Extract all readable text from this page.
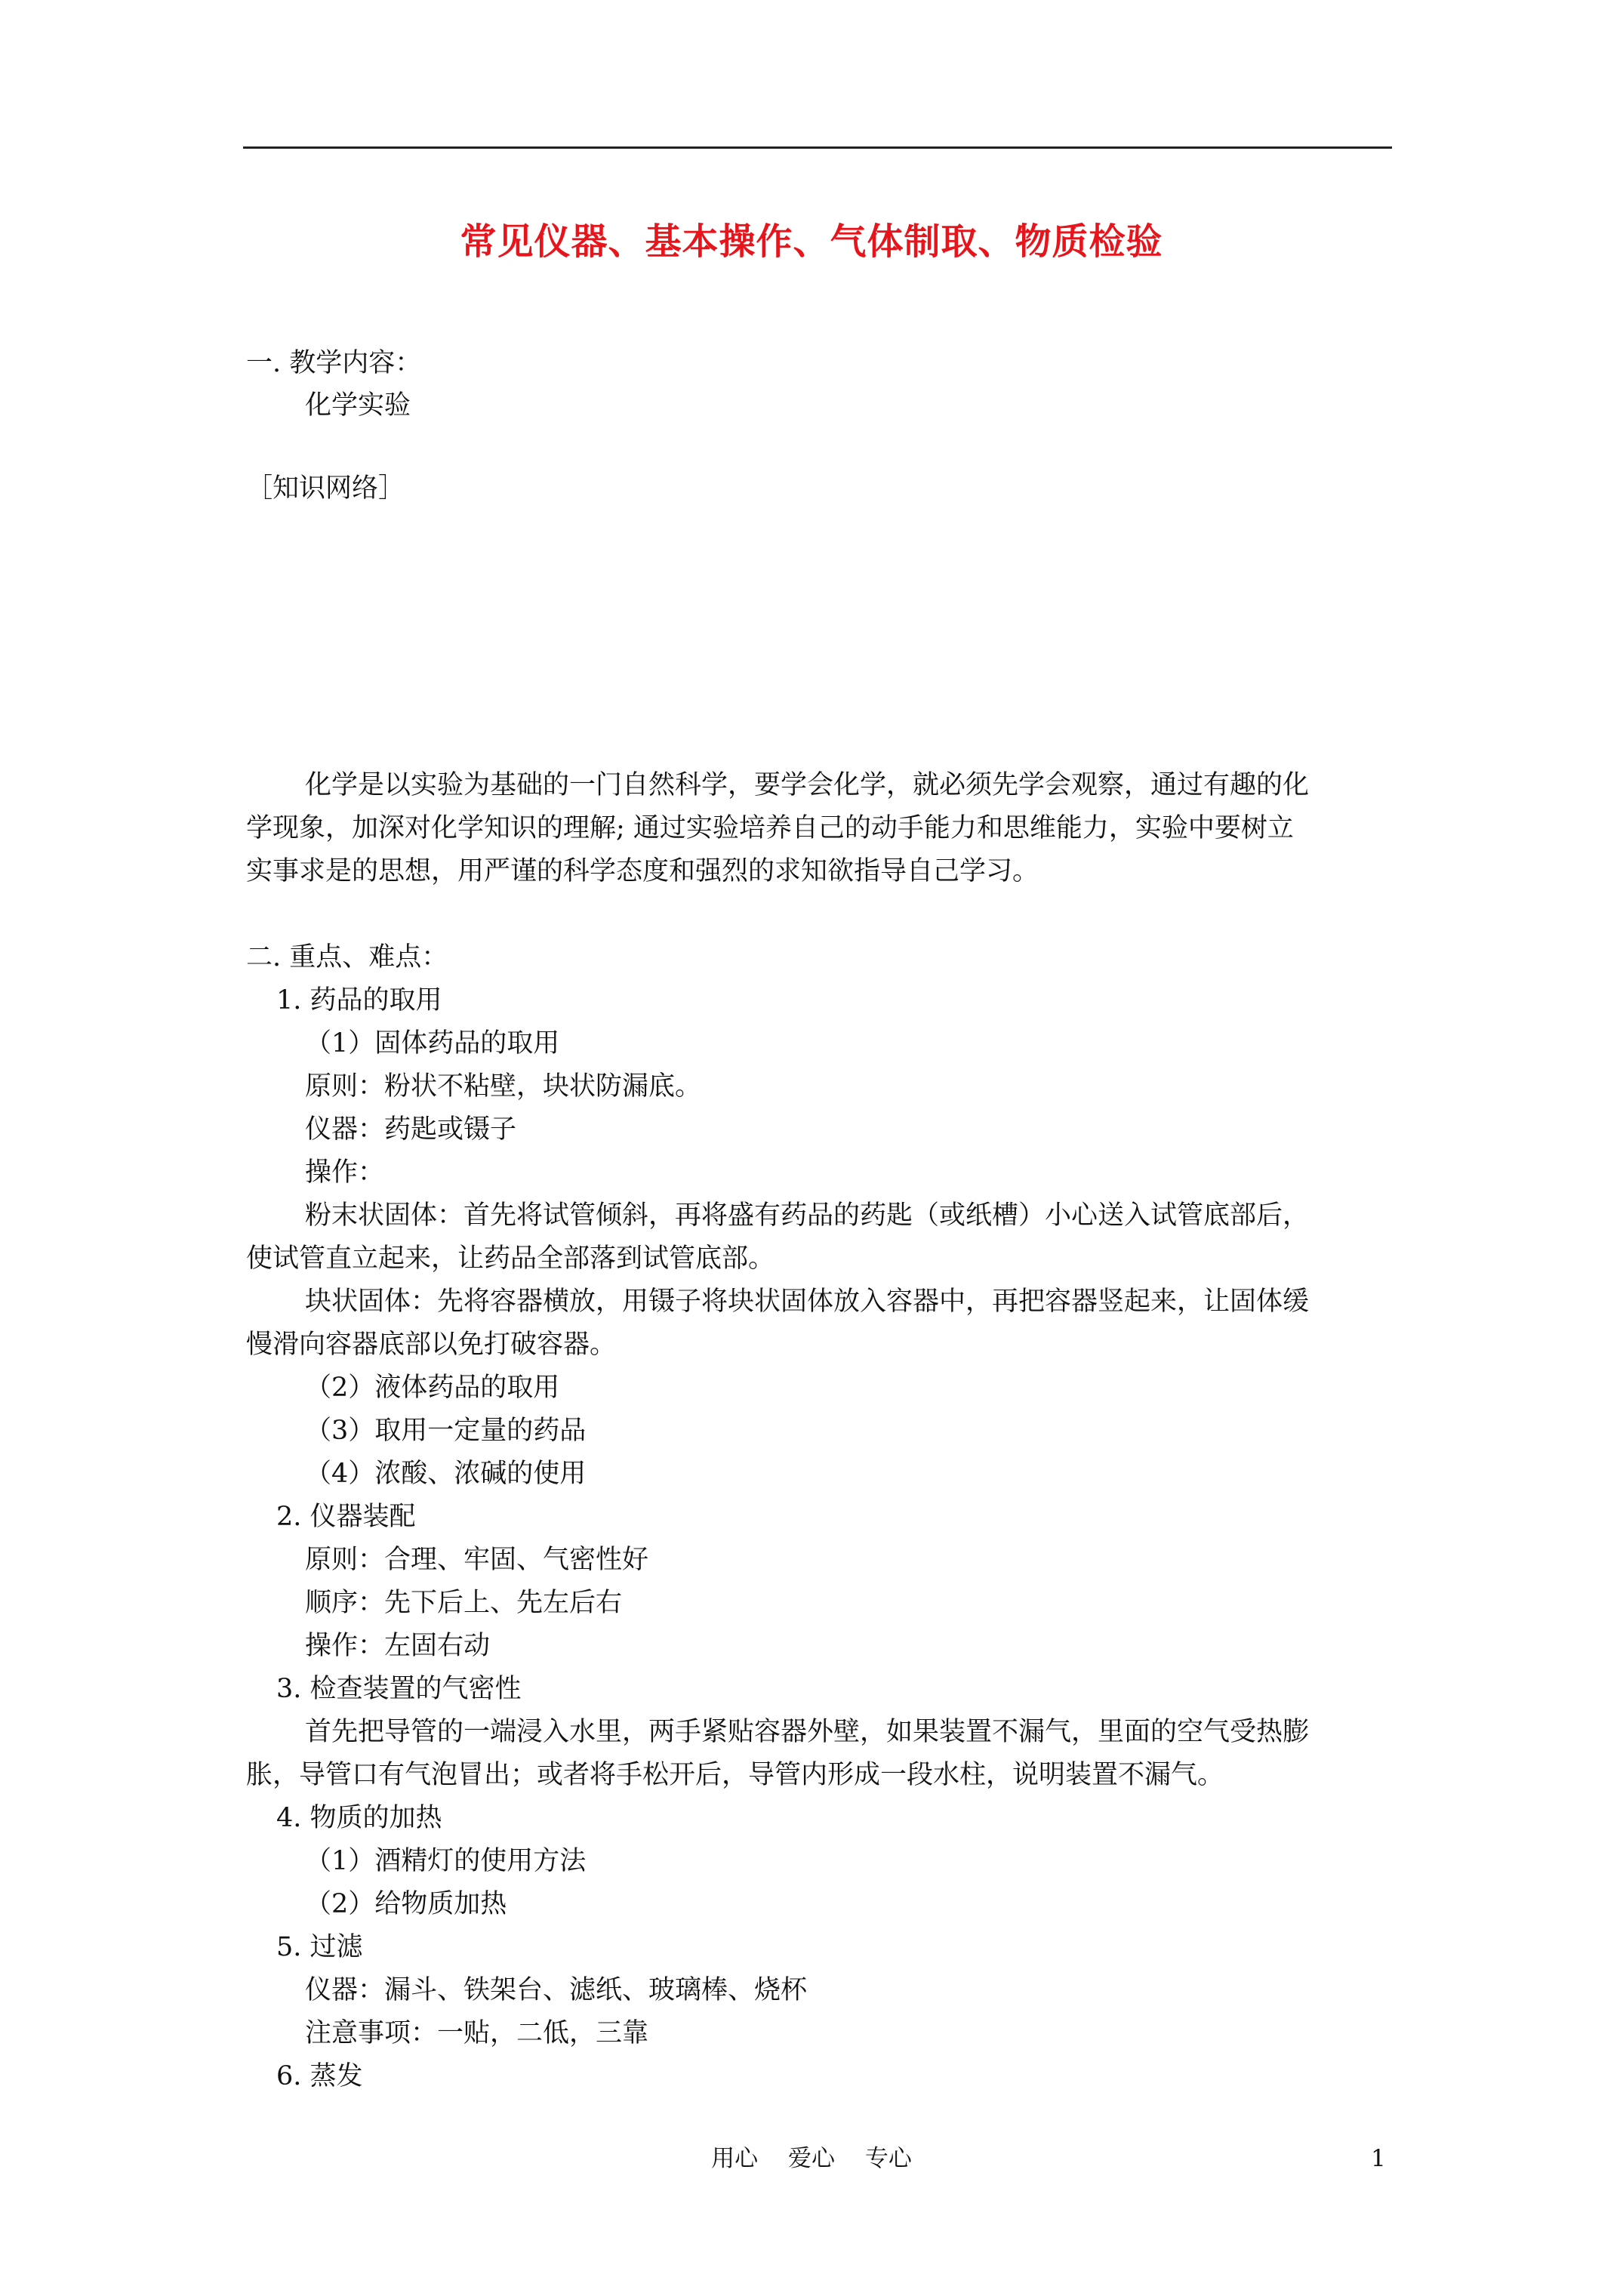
常见仪器、基本操作、气体制取、物质检验
一. 教学内容：
化学实验
［知识网络］
化学是以实验为基础的一门自然科学，要学会化学，就必须先学会观察，通过有趣的化
学现象，加深对化学知识的理解; 通过实验培养自己的动手能力和思维能力，实验中要树立
实事求是的思想，用严谨的科学态度和强烈的求知欲指导自己学习。
二. 重点、难点：
1. 药品的取用
（1）固体药品的取用
原则：粉状不粘壁，块状防漏底。
仪器：药匙或镊子
操作：
粉末状固体：首先将试管倾斜，再将盛有药品的药匙（或纸槽）小心送入试管底部后，
使试管直立起来，让药品全部落到试管底部。
块状固体：先将容器横放，用镊子将块状固体放入容器中，再把容器竖起来，让固体缓
慢滑向容器底部以免打破容器。
（2）液体药品的取用
（3）取用一定量的药品
（4）浓酸、浓碱的使用
2. 仪器装配
原则：合理、牢固、气密性好
顺序：先下后上、先左后右
操作：左固右动
3. 检查装置的气密性
首先把导管的一端浸入水里，两手紧贴容器外壁，如果装置不漏气，里面的空气受热膨
胀，导管口有气泡冒出；或者将手松开后，导管内形成一段水柱，说明装置不漏气。
4. 物质的加热
（1）酒精灯的使用方法
（2）给物质加热
5. 过滤
仪器：漏斗、铁架台、滤纸、玻璃棒、烧杯
注意事项：一贴，二低，三靠
6. 蒸发
用心 爱心 专心	1
